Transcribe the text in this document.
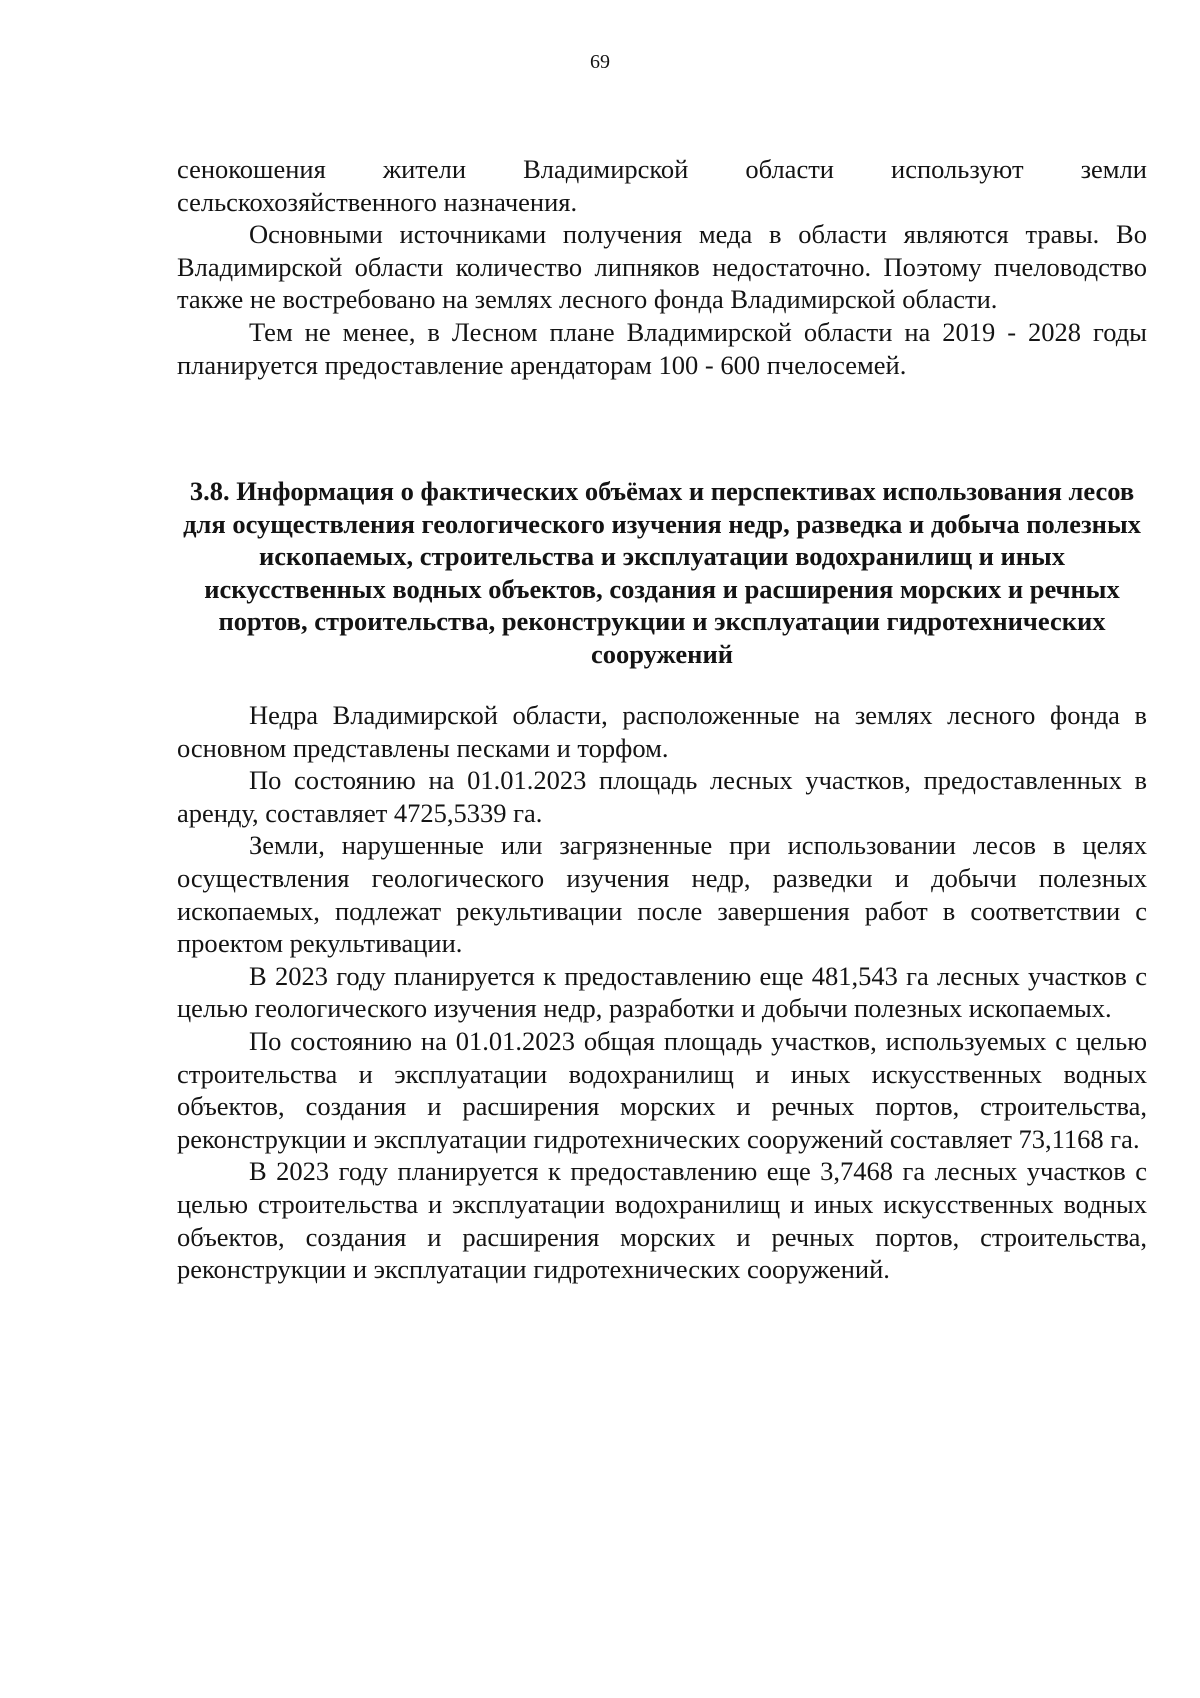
69

сенокошения жители Владимирской области используют земли сельскохозяйственного назначения.

Основными источниками получения меда в области являются травы. Во Владимирской области количество липняков недостаточно. Поэтому пчеловодство также не востребовано на землях лесного фонда Владимирской области.

Тем не менее, в Лесном плане Владимирской области на 2019 - 2028 годы планируется предоставление арендаторам 100 - 600 пчелосемей.

3.8. Информация о фактических объёмах и перспективах использования лесов для осуществления геологического изучения недр, разведка и добыча полезных ископаемых, строительства и эксплуатации водохранилищ и иных искусственных водных объектов, создания и расширения морских и речных портов, строительства, реконструкции и эксплуатации гидротехнических сооружений

Недра Владимирской области, расположенные на землях лесного фонда в основном представлены песками и торфом.

По состоянию на 01.01.2023 площадь лесных участков, предоставленных в аренду, составляет 4725,5339 га.

Земли, нарушенные или загрязненные при использовании лесов в целях осуществления геологического изучения недр, разведки и добычи полезных ископаемых, подлежат рекультивации после завершения работ в соответствии с проектом рекультивации.

В 2023 году планируется к предоставлению еще 481,543 га лесных участков с целью геологического изучения недр, разработки и добычи полезных ископаемых.

По состоянию на 01.01.2023 общая площадь участков, используемых с целью строительства и эксплуатации водохранилищ и иных искусственных водных объектов, создания и расширения морских и речных портов, строительства, реконструкции и эксплуатации гидротехнических сооружений составляет 73,1168 га.

В 2023 году планируется к предоставлению еще 3,7468 га лесных участков с целью строительства и эксплуатации водохранилищ и иных искусственных водных объектов, создания и расширения морских и речных портов, строительства, реконструкции и эксплуатации гидротехнических сооружений.
